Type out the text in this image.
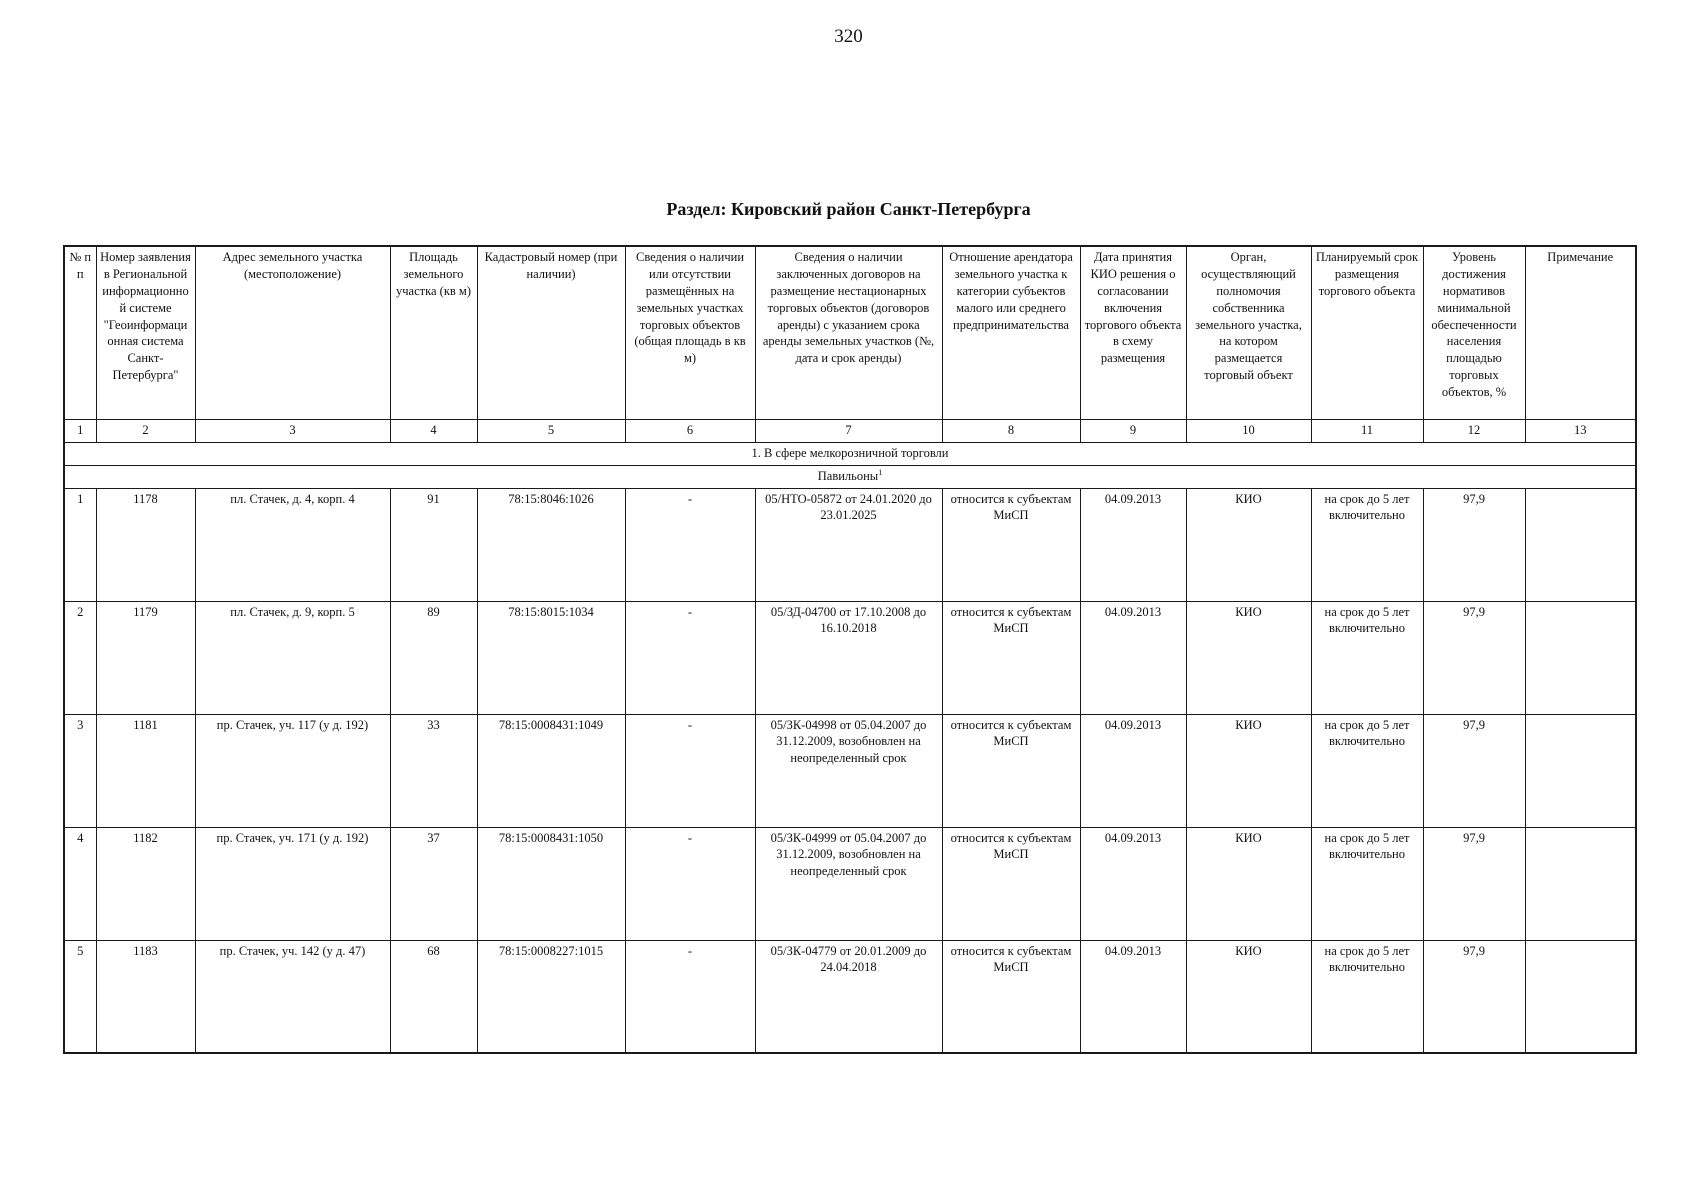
320
Раздел: Кировский район Санкт-Петербурга
№ п п	Номер заявления в Региональной информационно й системе "Геоинформаци онная система Санкт-Петербурга"	Адрес земельного участка (местоположение)	Площадь земельного участка (кв м)	Кадастровый номер (при наличии)	Сведения о наличии или отсутствии размещённых на земельных участках торговых объектов (общая площадь в кв м)	Сведения о наличии заключенных договоров на размещение нестационарных торговых объектов (договоров аренды) с указанием срока аренды земельных участков (№, дата и срок аренды)	Отношение арендатора земельного участка к категории субъектов малого или среднего предпринимательства	Дата принятия КИО решения о согласовании включения торгового объекта в схему размещения	Орган, осуществляющий полномочия собственника земельного участка, на котором размещается торговый объект	Планируемый срок размещения торгового объекта	Уровень достижения нормативов минимальной обеспеченности населения площадью торговых объектов, %	Примечание
1	2	3	4	5	6	7	8	9	10	11	12	13
1. В сфере мелкорозничной торговли												
Павильоны$^1$
1	1178	пл. Стачек, д. 4, корп. 4	91	78:15:8046:1026	-	05/НТО-05872 от 24.01.2020 до 23.01.2025	относится к субъектам МиСП	04.09.2013	КИО	на срок до 5 лет включительно	97,9	
2	1179	пл. Стачек, д. 9, корп. 5	89	78:15:8015:1034	-	05/ЗД-04700 от 17.10.2008 до 16.10.2018	относится к субъектам МиСП	04.09.2013	КИО	на срок до 5 лет включительно	97,9	
3	1181	пр. Стачек, уч. 117 (у д. 192)	33	78:15:0008431:1049	-	05/ЗК-04998 от 05.04.2007 до 31.12.2009, возобновлен на неопределенный срок	относится к субъектам МиСП	04.09.2013	КИО	на срок до 5 лет включительно	97,9	
4	1182	пр. Стачек, уч. 171 (у д. 192)	37	78:15:0008431:1050	-	05/ЗК-04999 от 05.04.2007 до 31.12.2009, возобновлен на неопределенный срок	относится к субъектам МиСП	04.09.2013	КИО	на срок до 5 лет включительно	97,9	
5	1183	пр. Стачек, уч. 142 (у д. 47)	68	78:15:0008227:1015	-	05/ЗК-04779 от 20.01.2009 до 24.04.2018	относится к субъектам МиСП	04.09.2013	КИО	на срок до 5 лет включительно	97,9	
